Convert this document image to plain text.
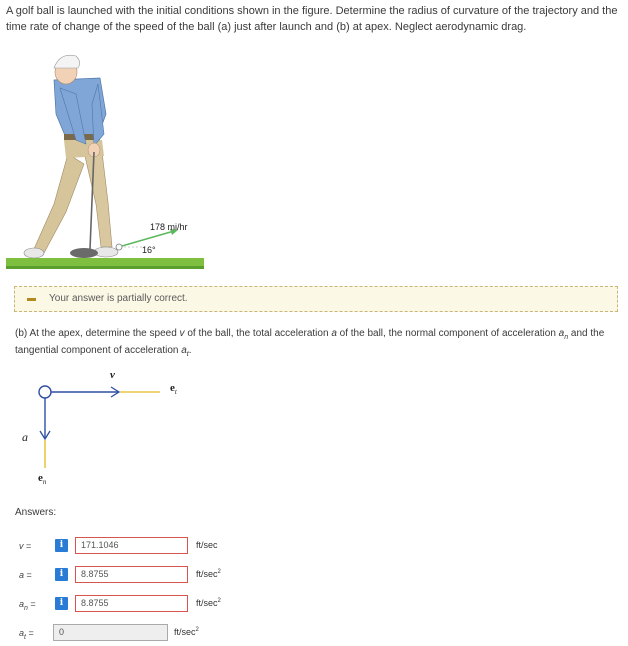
A golf ball is launched with the initial conditions shown in the figure. Determine the radius of curvature of the trajectory and the time rate of change of the speed of the ball (a) just after launch and (b) at apex. Neglect aerodynamic drag.
178 mi/hr
16°
Your answer is partially correct.
(b) At the apex, determine the speed v of the ball, the total acceleration a of the ball, the normal component of acceleration $a_n$ and the tangential component of acceleration $a_t$.
v
$e_t$
a
$e_n$
Answers:
v =	i	171.1046	ft/sec
a =	i	8.8755	$ft/\sec^2$
$a_n$ =	i	8.8755	$ft/\sec^2$
$a_t$ =	0	$ft/\sec^2$
